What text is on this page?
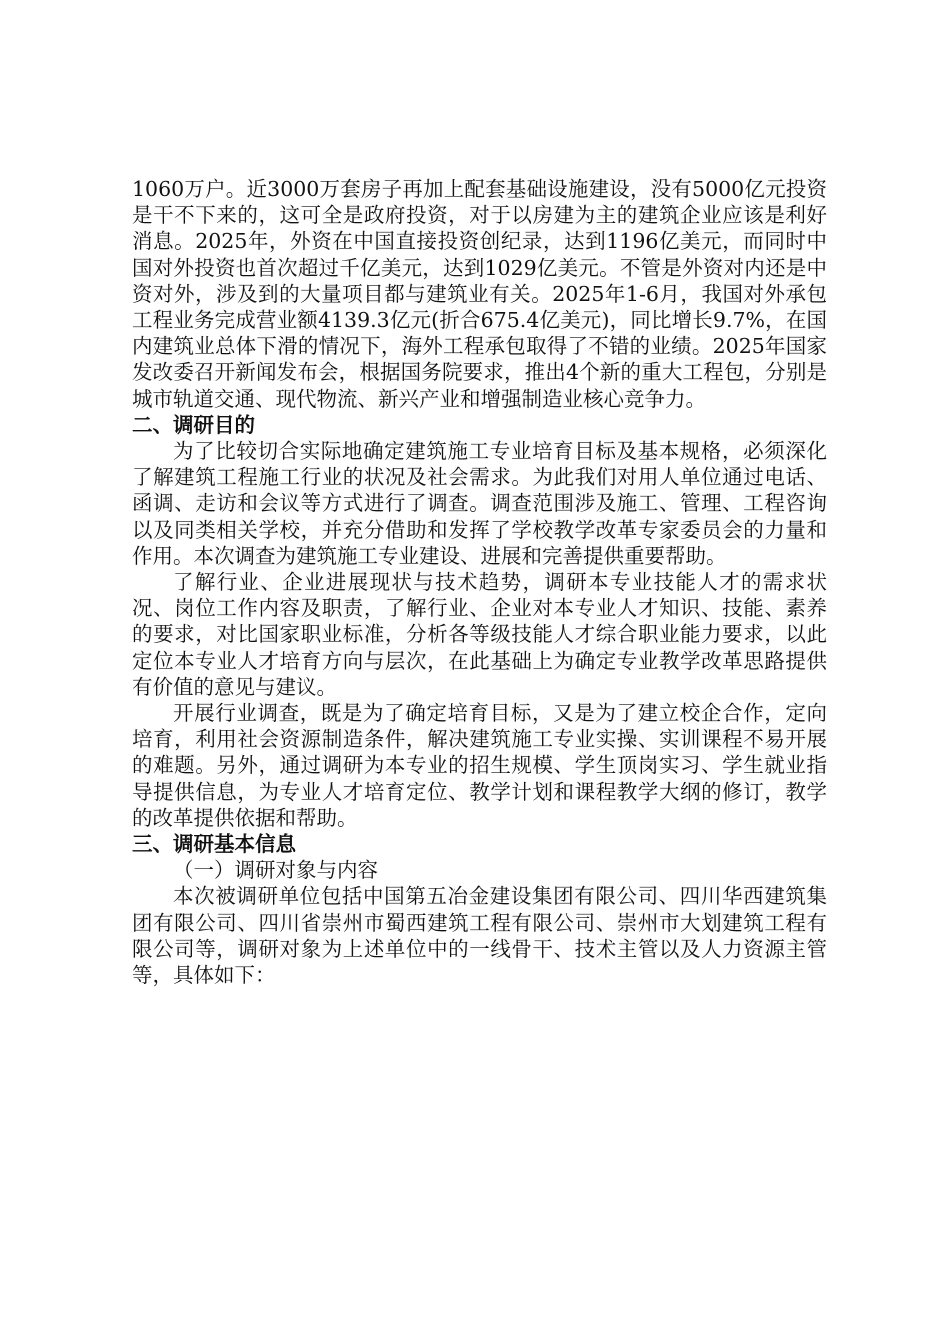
1060万户。近3000万套房子再加上配套基础设施建设，没有5000亿元投资是干不下来的，这可全是政府投资，对于以房建为主的建筑企业应该是利好消息。2025年，外资在中国直接投资创纪录，达到1196亿美元，而同时中国对外投资也首次超过千亿美元，达到1029亿美元。不管是外资对内还是中资对外，涉及到的大量项目都与建筑业有关。2025年1-6月，我国对外承包工程业务完成营业额4139.3亿元(折合675.4亿美元)，同比增长9.7%，在国内建筑业总体下滑的情况下，海外工程承包取得了不错的业绩。2025年国家发改委召开新闻发布会，根据国务院要求，推出4个新的重大工程包，分别是城市轨道交通、现代物流、新兴产业和增强制造业核心竞争力。

二、调研目的

为了比较切合实际地确定建筑施工专业培育目标及基本规格，必须深化了解建筑工程施工行业的状况及社会需求。为此我们对用人单位通过电话、函调、走访和会议等方式进行了调查。调查范围涉及施工、管理、工程咨询以及同类相关学校，并充分借助和发挥了学校教学改革专家委员会的力量和作用。本次调查为建筑施工专业建设、进展和完善提供重要帮助。

了解行业、企业进展现状与技术趋势，调研本专业技能人才的需求状况、岗位工作内容及职责，了解行业、企业对本专业人才知识、技能、素养的要求，对比国家职业标准，分析各等级技能人才综合职业能力要求，以此定位本专业人才培育方向与层次，在此基础上为确定专业教学改革思路提供有价值的意见与建议。

开展行业调查，既是为了确定培育目标，又是为了建立校企合作，定向培育，利用社会资源制造条件，解决建筑施工专业实操、实训课程不易开展的难题。另外，通过调研为本专业的招生规模、学生顶岗实习、学生就业指导提供信息，为专业人才培育定位、教学计划和课程教学大纲的修订，教学的改革提供依据和帮助。

三、调研基本信息

（一）调研对象与内容

本次被调研单位包括中国第五冶金建设集团有限公司、四川华西建筑集团有限公司、四川省崇州市蜀西建筑工程有限公司、崇州市大划建筑工程有限公司等，调研对象为上述单位中的一线骨干、技术主管以及人力资源主管等，具体如下：
